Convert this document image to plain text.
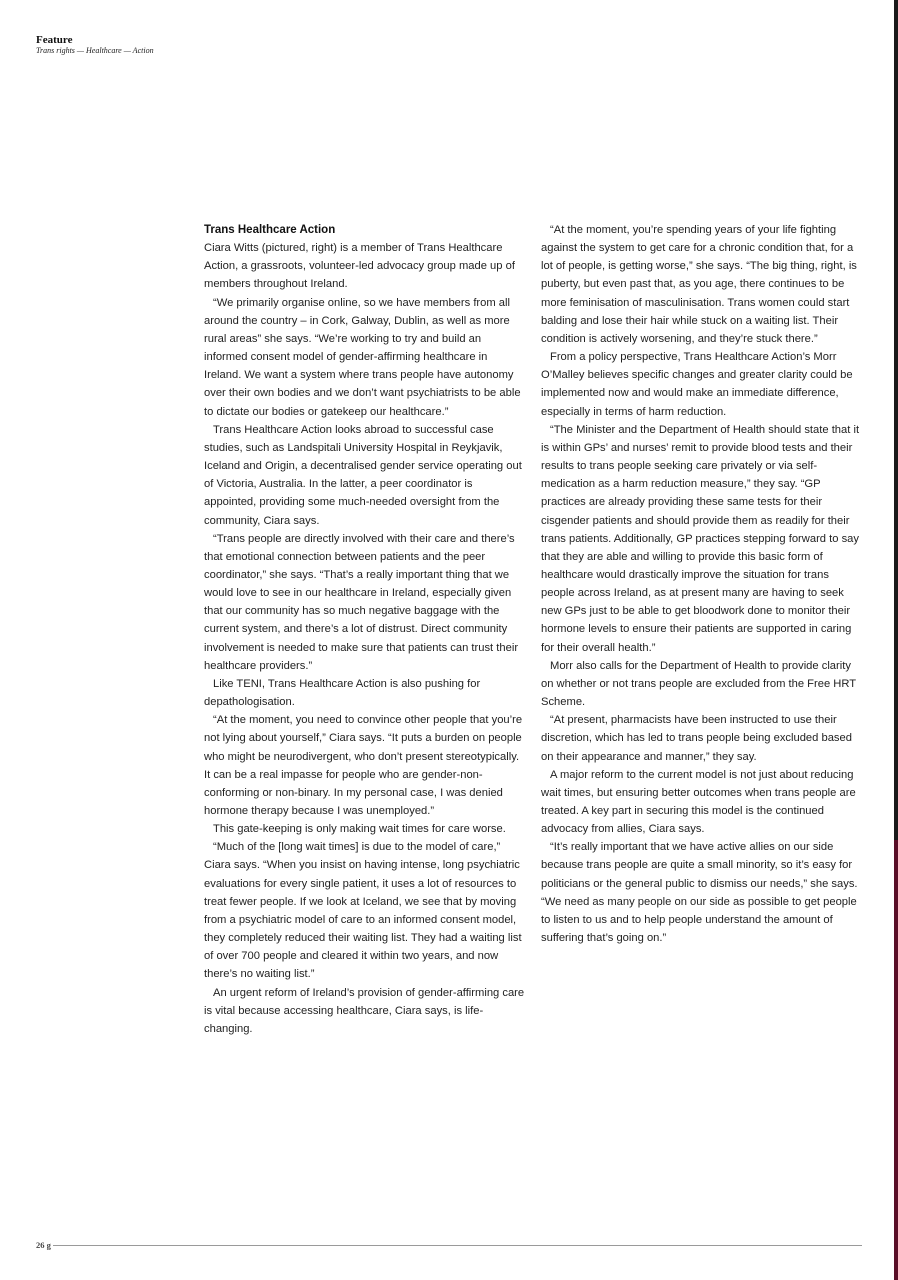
Feature
Trans rights — Healthcare — Action
Trans Healthcare Action

Ciara Witts (pictured, right) is a member of Trans Healthcare Action, a grassroots, volunteer-led advocacy group made up of members throughout Ireland.

“We primarily organise online, so we have members from all around the country – in Cork, Galway, Dublin, as well as more rural areas” she says. “We’re working to try and build an informed consent model of gender-affirming healthcare in Ireland. We want a system where trans people have autonomy over their own bodies and we don’t want psychiatrists to be able to dictate our bodies or gatekeep our healthcare.”

Trans Healthcare Action looks abroad to successful case studies, such as Landspitali University Hospital in Reykjavik, Iceland and Origin, a decentralised gender service operating out of Victoria, Australia. In the latter, a peer coordinator is appointed, providing some much-needed oversight from the community, Ciara says.

“Trans people are directly involved with their care and there’s that emotional connection between patients and the peer coordinator,” she says. “That’s a really important thing that we would love to see in our healthcare in Ireland, especially given that our community has so much negative baggage with the current system, and there’s a lot of distrust. Direct community involvement is needed to make sure that patients can trust their healthcare providers.”

Like TENI, Trans Healthcare Action is also pushing for depathologisation.

“At the moment, you need to convince other people that you’re not lying about yourself,” Ciara says. “It puts a burden on people who might be neurodivergent, who don’t present stereotypically. It can be a real impasse for people who are gender-non-conforming or non-binary. In my personal case, I was denied hormone therapy because I was unemployed.”

This gate-keeping is only making wait times for care worse.

“Much of the [long wait times] is due to the model of care,” Ciara says. “When you insist on having intense, long psychiatric evaluations for every single patient, it uses a lot of resources to treat fewer people. If we look at Iceland, we see that by moving from a psychiatric model of care to an informed consent model, they completely reduced their waiting list. They had a waiting list of over 700 people and cleared it within two years, and now there’s no waiting list.”

An urgent reform of Ireland’s provision of gender-affirming care is vital because accessing healthcare, Ciara says, is life-changing.

“At the moment, you’re spending years of your life fighting against the system to get care for a chronic condition that, for a lot of people, is getting worse,” she says. “The big thing, right, is puberty, but even past that, as you age, there continues to be more feminisation of masculinisation. Trans women could start balding and lose their hair while stuck on a waiting list. Their condition is actively worsening, and they’re stuck there.”

From a policy perspective, Trans Healthcare Action’s Morr O’Malley believes specific changes and greater clarity could be implemented now and would make an immediate difference, especially in terms of harm reduction.

“The Minister and the Department of Health should state that it is within GPs’ and nurses’ remit to provide blood tests and their results to trans people seeking care privately or via self-medication as a harm reduction measure,” they say. “GP practices are already providing these same tests for their cisgender patients and should provide them as readily for their trans patients. Additionally, GP practices stepping forward to say that they are able and willing to provide this basic form of healthcare would drastically improve the situation for trans people across Ireland, as at present many are having to seek new GPs just to be able to get bloodwork done to monitor their hormone levels to ensure their patients are supported in caring for their overall health.”

Morr also calls for the Department of Health to provide clarity on whether or not trans people are excluded from the Free HRT Scheme.

“At present, pharmacists have been instructed to use their discretion, which has led to trans people being excluded based on their appearance and manner,” they say.

A major reform to the current model is not just about reducing wait times, but ensuring better outcomes when trans people are treated. A key part in securing this model is the continued advocacy from allies, Ciara says.

“It’s really important that we have active allies on our side because trans people are quite a small minority, so it’s easy for politicians or the general public to dismiss our needs,” she says. “We need as many people on our side as possible to get people to listen to us and to help people understand the amount of suffering that’s going on.”

26 g
